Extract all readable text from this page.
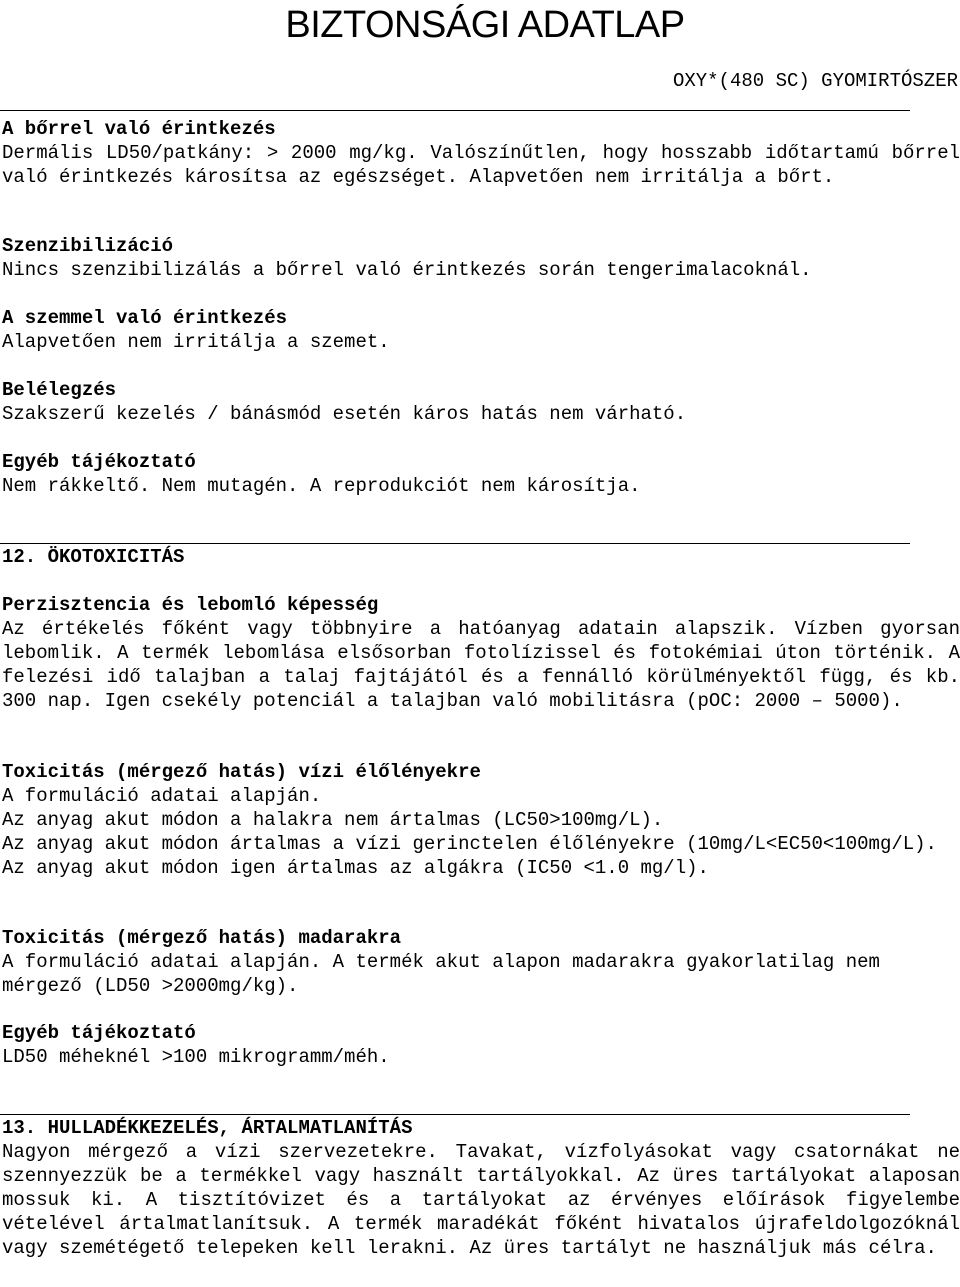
BIZTONSÁGI ADATLAP

OXY*(480 SC) GYOMIRTÓSZER

A bőrrel való érintkezés

Dermális LD50/patkány: > 2000 mg/kg. Valószínűtlen, hogy hosszabb időtartamú bőrrel való érintkezés károsítsa az egészséget. Alapvetően nem irritálja a bőrt.

Szenzibilizáció

Nincs szenzibilizálás a bőrrel való érintkezés során tengerimalacoknál.

A szemmel való érintkezés

Alapvetően nem irritálja a szemet.

Belélegzés

Szakszerű kezelés / bánásmód esetén káros hatás nem várható.

Egyéb tájékoztató

Nem rákkeltő. Nem mutagén. A reprodukciót nem károsítja.

12. ÖKOTOXICITÁS

Perzisztencia és lebomló képesség

Az értékelés főként vagy többnyire a hatóanyag adatain alapszik. Vízben gyorsan lebomlik. A termék lebomlása elsősorban fotolízissel és fotokémiai úton történik. A felezési idő talajban a talaj fajtájától és a fennálló körülményektől függ, és kb. 300 nap. Igen csekély potenciál a talajban való mobilitásra (pOC: 2000 – 5000).

Toxicitás (mérgező hatás) vízi élőlényekre

A formuláció adatai alapján.

Az anyag akut módon a halakra nem ártalmas (LC50>100mg/L).

Az anyag akut módon ártalmas a vízi gerinctelen élőlényekre (10mg/L<EC50<100mg/L).

Az anyag akut módon igen ártalmas az algákra (IC50 <1.0 mg/l).

Toxicitás (mérgező hatás) madarakra

A formuláció adatai alapján. A termék akut alapon madarakra gyakorlatilag nem mérgező (LD50 >2000mg/kg).

Egyéb tájékoztató

LD50 méheknél >100 mikrogramm/méh.

13. HULLADÉKKEZELÉS, ÁRTALMATLANÍTÁS

Nagyon mérgező a vízi szervezetekre. Tavakat, vízfolyásokat vagy csatornákat ne szennyezzük be a termékkel vagy használt tartályokkal. Az üres tartályokat alaposan mossuk ki. A tisztítóvizet és a tartályokat az érvényes előírások figyelembe vételével ártalmatlanítsuk. A termék maradékát főként hivatalos újrafeldolgozóknál vagy szemétégető telepeken kell lerakni. Az üres tartályt ne használjuk más célra.
